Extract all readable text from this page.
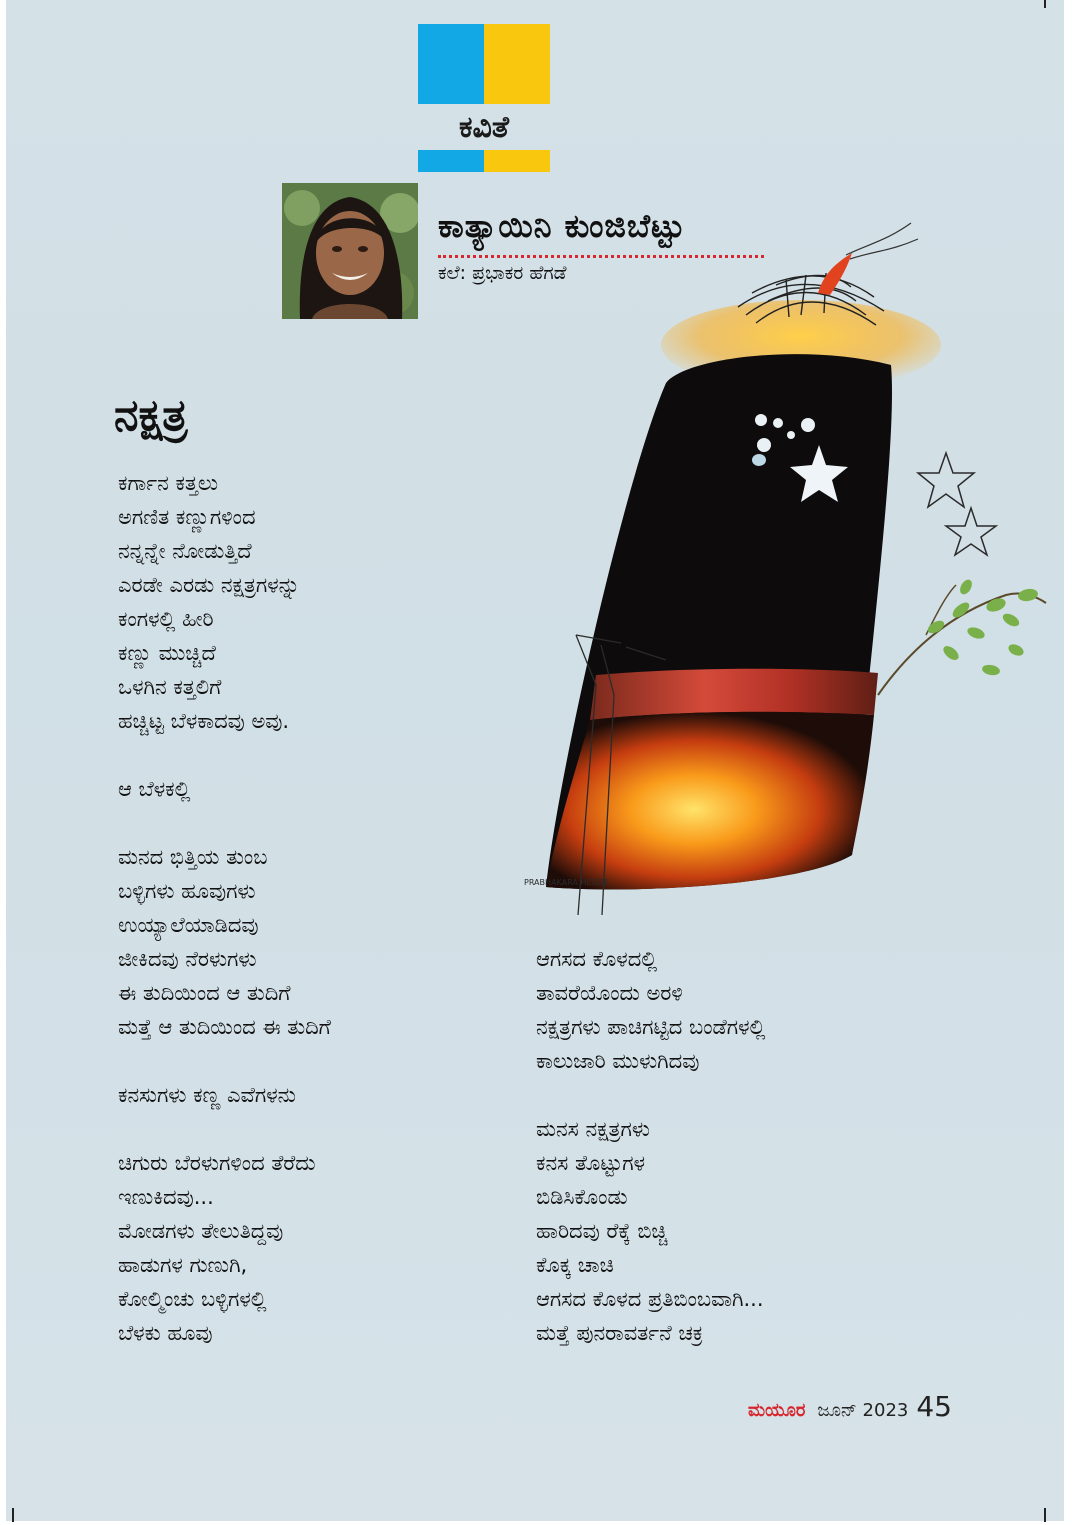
ಕವಿತೆ
ಕಾತ್ಯಾಯಿನಿ ಕುಂಜಿಬೆಟ್ಟು
ಕಲೆ: ಪ್ರಭಾಕರ ಹೆಗಡೆ
PRABHAKARA HEGDE
ನಕ್ಷತ್ರ
ಕರ್ಗಾನ ಕತ್ತಲು
ಅಗಣಿತ ಕಣ್ಣುಗಳಿಂದ
ನನ್ನನ್ನೇ ನೋಡುತ್ತಿದೆ
ಎರಡೇ ಎರಡು ನಕ್ಷತ್ರಗಳನ್ನು
ಕಂಗಳಲ್ಲಿ ಹೀರಿ
ಕಣ್ಣು ಮುಚ್ಚಿದೆ
ಒಳಗಿನ ಕತ್ತಲಿಗೆ
ಹಚ್ಚಿಟ್ಟ ಬೆಳಕಾದವು ಅವು.
ಆ ಬೆಳಕಲ್ಲಿ
ಮನದ ಭಿತ್ತಿಯ ತುಂಬ
ಬಳ್ಳಿಗಳು ಹೂವುಗಳು
ಉಯ್ಯಾಲೆಯಾಡಿದವು
ಜೀಕಿದವು ನೆರಳುಗಳು
ಈ ತುದಿಯಿಂದ ಆ ತುದಿಗೆ
ಮತ್ತೆ ಆ ತುದಿಯಿಂದ ಈ ತುದಿಗೆ
ಕನಸುಗಳು ಕಣ್ಣ ಎವೆಗಳನು
ಚಿಗುರು ಬೆರಳುಗಳಿಂದ ತೆರೆದು
ಇಣುಕಿದವು...
ಮೋಡಗಳು ತೇಲುತಿದ್ದವು
ಹಾಡುಗಳ ಗುಣುಗಿ,
ಕೋಲ್ಮಿಂಚು ಬಳ್ಳಿಗಳಲ್ಲಿ
ಬೆಳಕು ಹೂವು
ಆಗಸದ ಕೊಳದಲ್ಲಿ
ತಾವರೆಯೊಂದು ಅರಳಿ
ನಕ್ಷತ್ರಗಳು ಪಾಚಿಗಟ್ಟಿದ ಬಂಡೆಗಳಲ್ಲಿ
ಕಾಲುಜಾರಿ ಮುಳುಗಿದವು
ಮನಸ ನಕ್ಷತ್ರಗಳು
ಕನಸ ತೊಟ್ಟುಗಳ
ಬಿಡಿಸಿಕೊಂಡು
ಹಾರಿದವು ರೆಕ್ಕೆ ಬಿಚ್ಚಿ
ಕೊಕ್ಕ ಚಾಚಿ
ಆಗಸದ ಕೊಳದ ಪ್ರತಿಬಿಂಬವಾಗಿ...
ಮತ್ತೆ ಪುನರಾವರ್ತನೆ ಚಕ್ರ
ಮಯೂರ ಜೂನ್ 2023 45
